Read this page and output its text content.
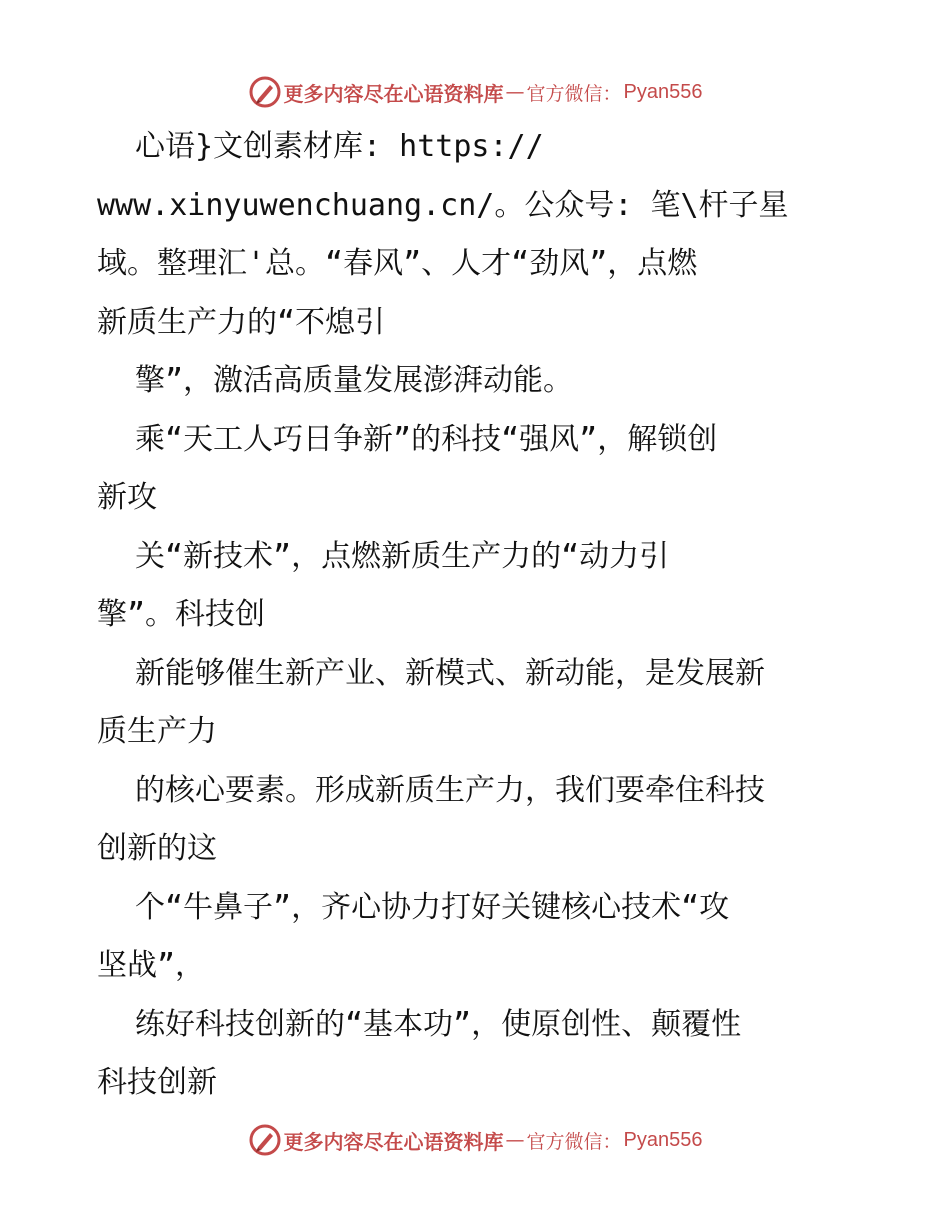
更多内容尽在心语资料库 — 官方微信： Pyan556
心语}文创素材库: https://
www.xinyuwenchuang.cn/。公众号: 笔\杆子星
域。整理汇'总。“春风”、人才“劲风”，点燃
新质生产力的“不熄引
擎”，激活高质量发展澎湃动能。
乘“天工人巧日争新”的科技“强风”，解锁创
新攻
关“新技术”，点燃新质生产力的“动力引
擎”。科技创
新能够催生新产业、新模式、新动能，是发展新
质生产力
的核心要素。形成新质生产力，我们要牵住科技
创新的这
个“牛鼻子”，齐心协力打好关键核心技术“攻
坚战”，
练好科技创新的“基本功”，使原创性、颠覆性
科技创新
更多内容尽在心语资料库 — 官方微信： Pyan556
